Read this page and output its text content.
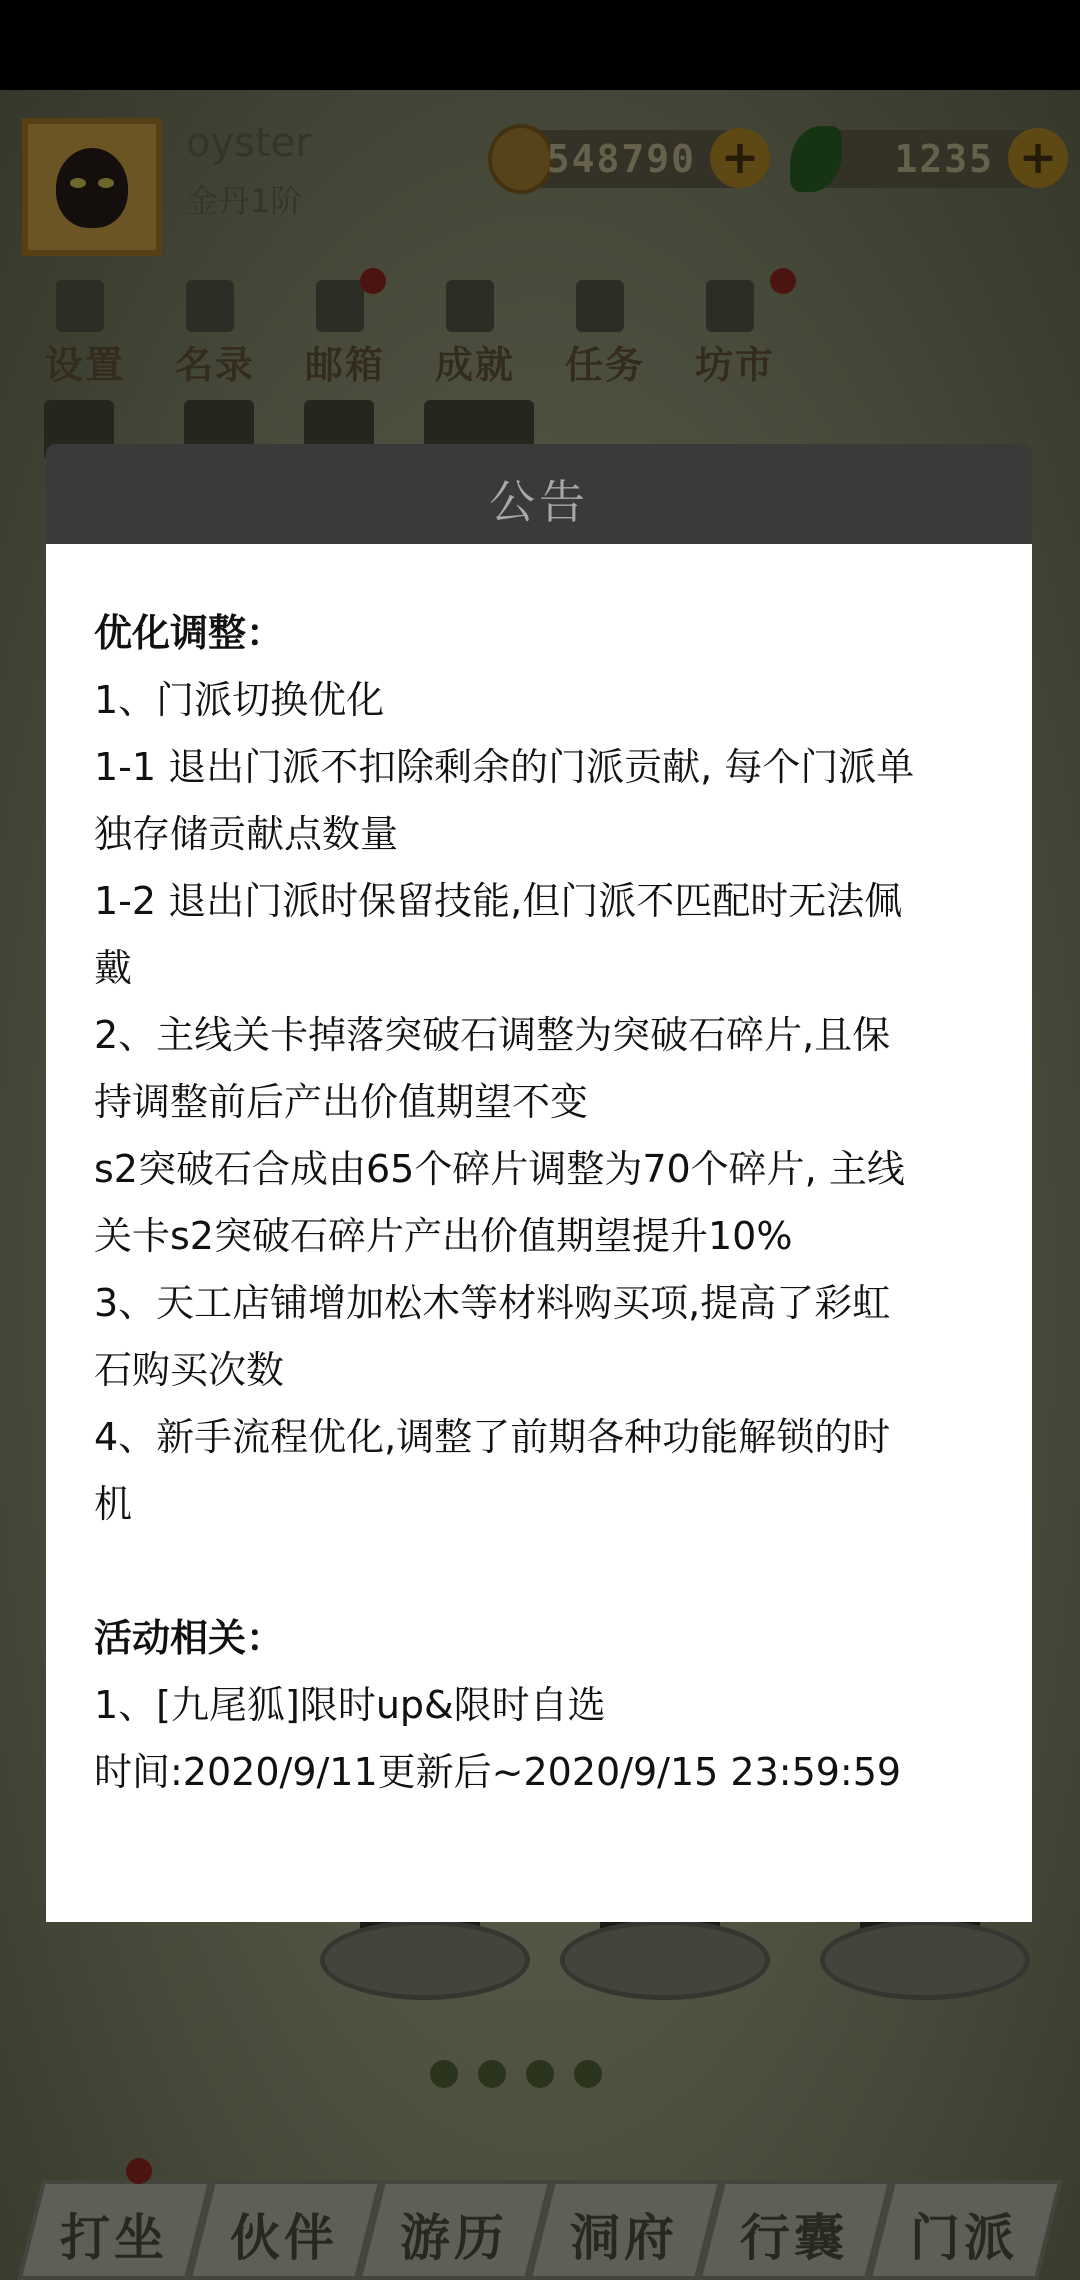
公告

优化调整：

1、门派切换优化

1-1 退出门派不扣除剩余的门派贡献, 每个门派单

独存储贡献点数量

1-2 退出门派时保留技能,但门派不匹配时无法佩

戴

2、主线关卡掉落突破石调整为突破石碎片,且保

持调整前后产出价值期望不变

s2突破石合成由65个碎片调整为70个碎片, 主线

关卡s2突破石碎片产出价值期望提升10%

3、天工店铺增加松木等材料购买项,提高了彩虹

石购买次数

4、新手流程优化,调整了前期各种功能解锁的时

机

活动相关：

1、[九尾狐]限时up&限时自选

时间:2020/9/11更新后~2020/9/15 23:59:59
